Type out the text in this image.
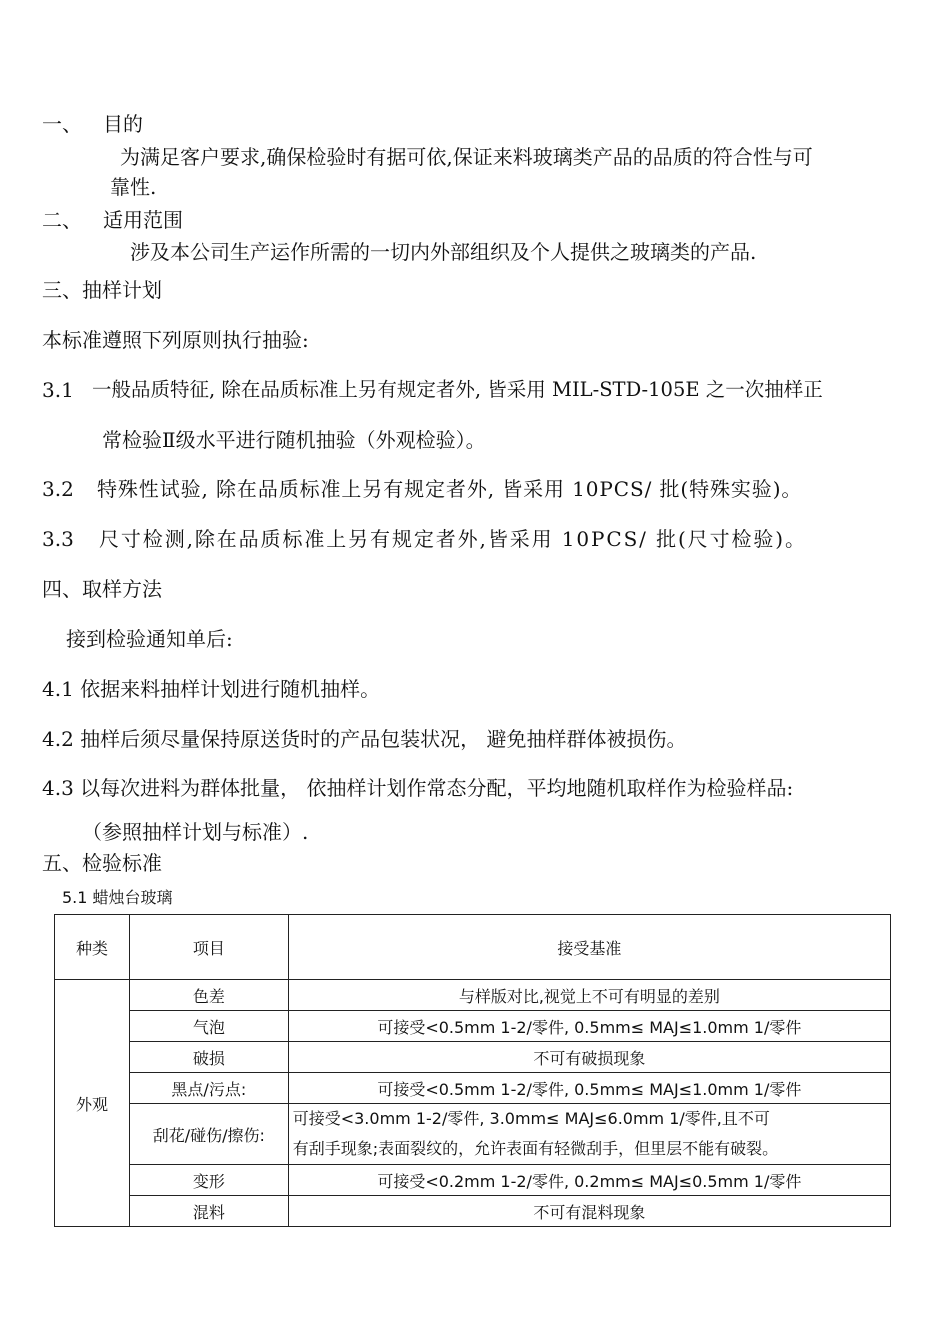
一、 目的
为满足客户要求,确保检验时有据可依,保证来料玻璃类产品的品质的符合性与可
靠性.
二、 适用范围
涉及本公司生产运作所需的一切内外部组织及个人提供之玻璃类的产品.
三、抽样计划
本标准遵照下列原则执行抽验:
3.1 一般品质特征, 除在品质标准上另有规定者外, 皆采用 MIL-STD-105E 之一次抽样正
常检验Ⅱ级水平进行随机抽验（外观检验）。
3.2 特殊性试验, 除在品质标准上另有规定者外, 皆采用 10PCS/ 批(特殊实验)。
3.3 尺寸检测,除在品质标准上另有规定者外,皆采用 10PCS/ 批(尺寸检验)。
四、取样方法
接到检验通知单后:
4.1 依据来料抽样计划进行随机抽样。
4.2 抽样后须尽量保持原送货时的产品包装状况， 避免抽样群体被损伤。
4.3 以每次进料为群体批量， 依抽样计划作常态分配，平均地随机取样作为检验样品:
（参照抽样计划与标准）.
五、检验标准
5.1 蜡烛台玻璃
种类	项目	接受基准
外观	色差	与样版对比,视觉上不可有明显的差别
	气泡	可接受<0.5mm 1-2/零件, 0.5mm≤ MAJ≤1.0mm 1/零件
	破损	不可有破损现象
	黑点/污点:	可接受<0.5mm 1-2/零件, 0.5mm≤ MAJ≤1.0mm 1/零件
	刮花/碰伤/擦伤:	可接受<3.0mm 1-2/零件, 3.0mm≤ MAJ≤6.0mm 1/零件,且不可
有刮手现象;表面裂纹的，允许表面有轻微刮手，但里层不能有破裂。

	变形	可接受<0.2mm 1-2/零件, 0.2mm≤ MAJ≤0.5mm 1/零件
	混料	不可有混料现象
